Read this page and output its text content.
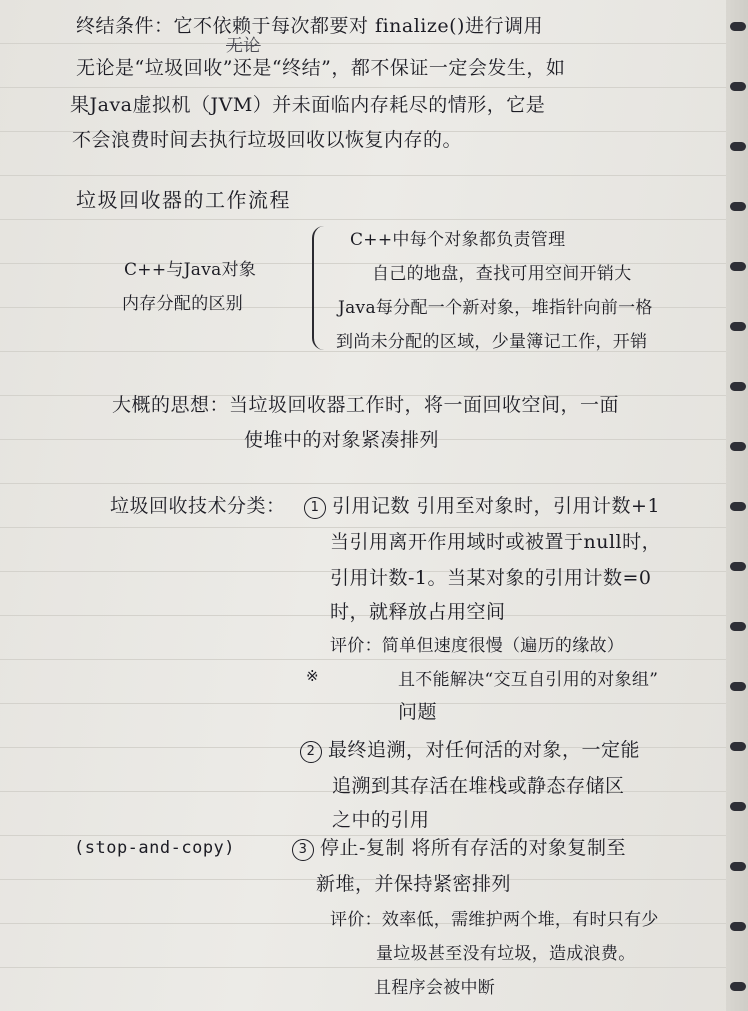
终结条件：它不依赖于每次都要对 finalize()进行调用
无论是“垃圾回收”还是“终结”，都不保证一定会发生，如
无论
果Java虚拟机（JVM）并未面临内存耗尽的情形，它是
不会浪费时间去执行垃圾回收以恢复内存的。
垃圾回收器的工作流程
C++与Java对象
内存分配的区别
C++中每个对象都负责管理
自己的地盘，查找可用空间开销大
Java每分配一个新对象，堆指针向前一格
到尚未分配的区域，少量簿记工作，开销
大概的思想：当垃圾回收器工作时，将一面回收空间，一面
使堆中的对象紧凑排列
垃圾回收技术分类：	1 引用记数 引用至对象时，引用计数+1
当引用离开作用域时或被置于null时，
引用计数-1。当某对象的引用计数=0
时，就释放占用空间
评价：简单但速度很慢（遍历的缘故）
※	且不能解决“交互自引用的对象组”
问题
2 最终追溯，对任何活的对象，一定能
追溯到其存活在堆栈或静态存储区
之中的引用
(stop-and-copy)	3 停止-复制 将所有存活的对象复制至
新堆，并保持紧密排列
评价：效率低，需维护两个堆，有时只有少
量垃圾甚至没有垃圾，造成浪费。
且程序会被中断
